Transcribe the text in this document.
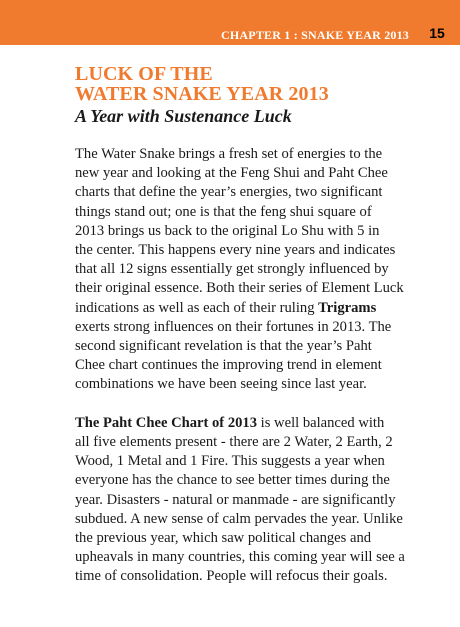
CHAPTER 1 : SNAKE YEAR 2013	15
LUCK OF THE
WATER SNAKE YEAR 2013
A Year with Sustenance Luck

The Water Snake brings a fresh set of energies to the
new year and looking at the Feng Shui and Paht Chee
charts that define the year’s energies, two significant
things stand out; one is that the feng shui square of
2013 brings us back to the original Lo Shu with 5 in
the center. This happens every nine years and indicates
that all 12 signs essentially get strongly influenced by
their original essence. Both their series of Element Luck
indications as well as each of their ruling Trigrams
exerts strong influences on their fortunes in 2013. The
second significant revelation is that the year’s Paht
Chee chart continues the improving trend in element
combinations we have been seeing since last year.

The Paht Chee Chart of 2013 is well balanced with
all five elements present - there are 2 Water, 2 Earth, 2
Wood, 1 Metal and 1 Fire. This suggests a year when
everyone has the chance to see better times during the
year. Disasters - natural or manmade - are significantly
subdued. A new sense of calm pervades the year. Unlike
the previous year, which saw political changes and
upheavals in many countries, this coming year will see a
time of consolidation. People will refocus their goals.
